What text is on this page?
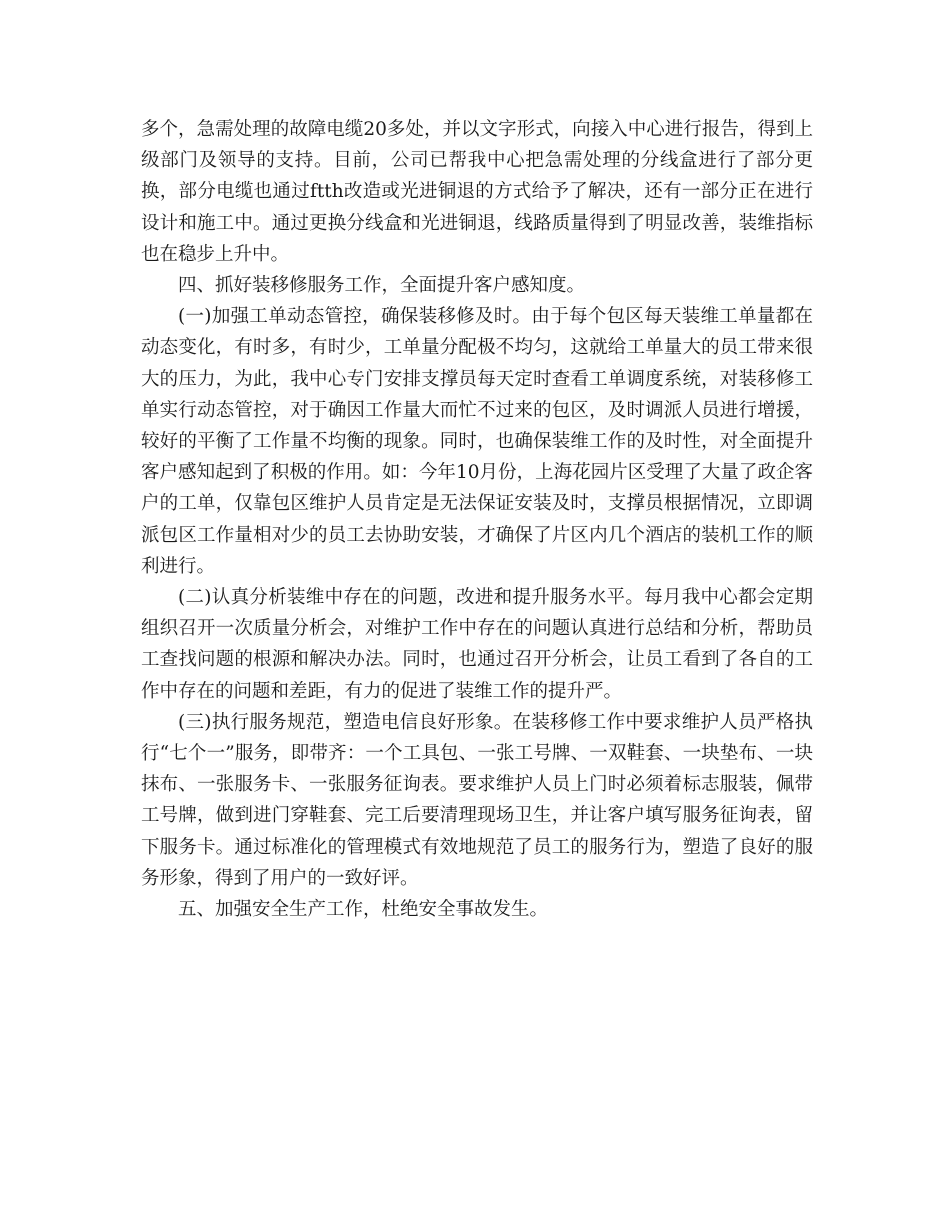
多个，急需处理的故障电缆20多处，并以文字形式，向接入中心进行报告，得到上级部门及领导的支持。目前，公司已帮我中心把急需处理的分线盒进行了部分更换，部分电缆也通过ftth改造或光进铜退的方式给予了解决，还有一部分正在进行设计和施工中。通过更换分线盒和光进铜退，线路质量得到了明显改善，装维指标也在稳步上升中。

四、抓好装移修服务工作，全面提升客户感知度。

(一)加强工单动态管控，确保装移修及时。由于每个包区每天装维工单量都在动态变化，有时多，有时少，工单量分配极不均匀，这就给工单量大的员工带来很大的压力，为此，我中心专门安排支撑员每天定时查看工单调度系统，对装移修工单实行动态管控，对于确因工作量大而忙不过来的包区，及时调派人员进行增援，较好的平衡了工作量不均衡的现象。同时，也确保装维工作的及时性，对全面提升客户感知起到了积极的作用。如：今年10月份，上海花园片区受理了大量了政企客户的工单，仅靠包区维护人员肯定是无法保证安装及时，支撑员根据情况，立即调派包区工作量相对少的员工去协助安装，才确保了片区内几个酒店的装机工作的顺利进行。

(二)认真分析装维中存在的问题，改进和提升服务水平。每月我中心都会定期组织召开一次质量分析会，对维护工作中存在的问题认真进行总结和分析，帮助员工查找问题的根源和解决办法。同时，也通过召开分析会，让员工看到了各自的工作中存在的问题和差距，有力的促进了装维工作的提升严。

(三)执行服务规范，塑造电信良好形象。在装移修工作中要求维护人员严格执行“七个一”服务，即带齐：一个工具包、一张工号牌、一双鞋套、一块垫布、一块抹布、一张服务卡、一张服务征询表。要求维护人员上门时必须着标志服装，佩带工号牌，做到进门穿鞋套、完工后要清理现场卫生，并让客户填写服务征询表，留下服务卡。通过标准化的管理模式有效地规范了员工的服务行为，塑造了良好的服务形象，得到了用户的一致好评。

五、加强安全生产工作，杜绝安全事故发生。
